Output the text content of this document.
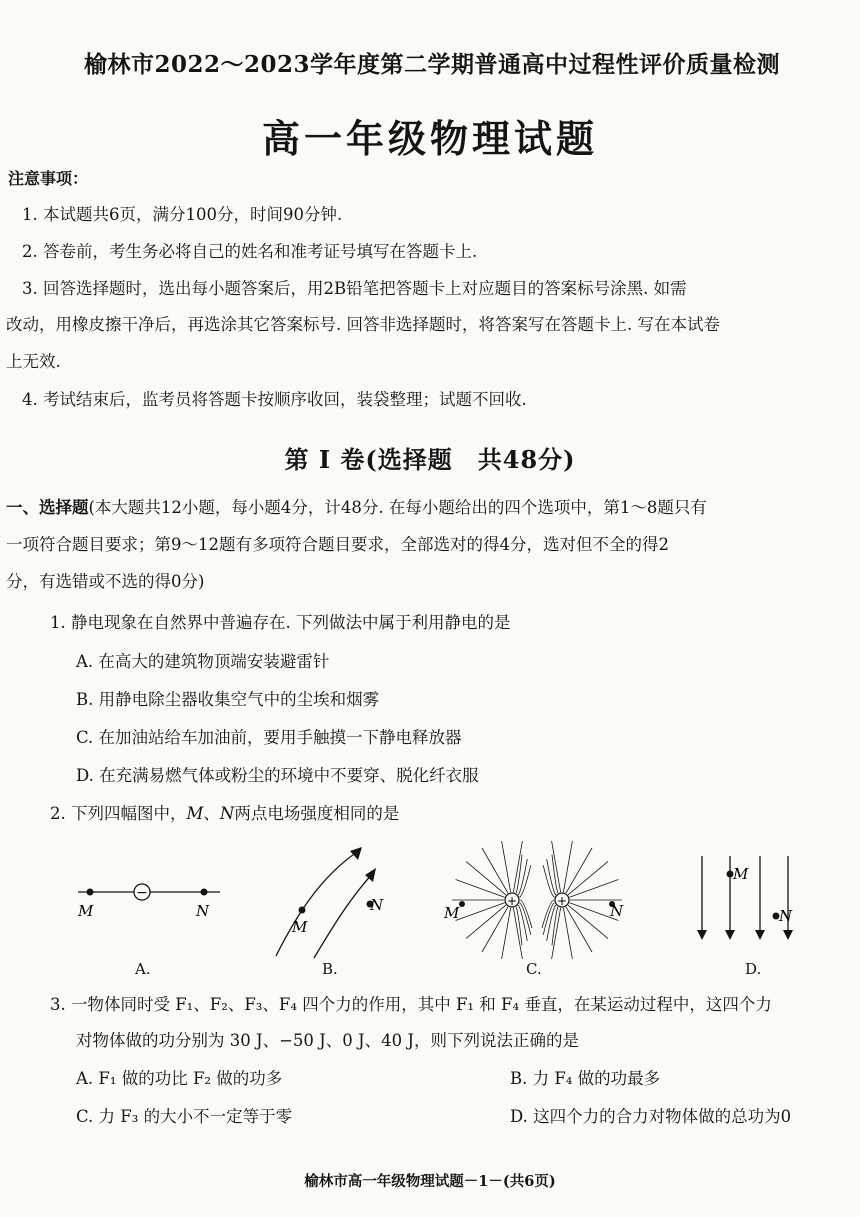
榆林市2022～2023学年度第二学期普通高中过程性评价质量检测
高一年级物理试题
注意事项：
1. 本试题共6页，满分100分，时间90分钟.
2. 答卷前，考生务必将自己的姓名和准考证号填写在答题卡上.
3. 回答选择题时，选出每小题答案后，用2B铅笔把答题卡上对应题目的答案标号涂黑. 如需
改动，用橡皮擦干净后，再选涂其它答案标号. 回答非选择题时，将答案写在答题卡上. 写在本试卷
上无效.
4. 考试结束后，监考员将答题卡按顺序收回，装袋整理；试题不回收.
第 Ⅰ 卷(选择题　共48分)
一、选择题(本大题共12小题，每小题4分，计48分. 在每小题给出的四个选项中，第1～8题只有
一项符合题目要求；第9～12题有多项符合题目要求，全部选对的得4分，选对但不全的得2
分，有选错或不选的得0分)
1. 静电现象在自然界中普遍存在. 下列做法中属于利用静电的是
A. 在高大的建筑物顶端安装避雷针
B. 用静电除尘器收集空气中的尘埃和烟雾
C. 在加油站给车加油前，要用手触摸一下静电释放器
D. 在充满易燃气体或粉尘的环境中不要穿、脱化纤衣服
2. 下列四幅图中，M、N两点电场强度相同的是
−
M	N
A.
M
N
B.
+	+
M	N
C.
M
N
D.
3. 一物体同时受 F₁、F₂、F₃、F₄ 四个力的作用，其中 F₁ 和 F₄ 垂直，在某运动过程中，这四个力
对物体做的功分别为 30 J、−50 J、0 J、40 J，则下列说法正确的是
A. F₁ 做的功比 F₂ 做的功多	B. 力 F₄ 做的功最多
C. 力 F₃ 的大小不一定等于零	D. 这四个力的合力对物体做的总功为0
榆林市高一年级物理试题－1－(共6页)
